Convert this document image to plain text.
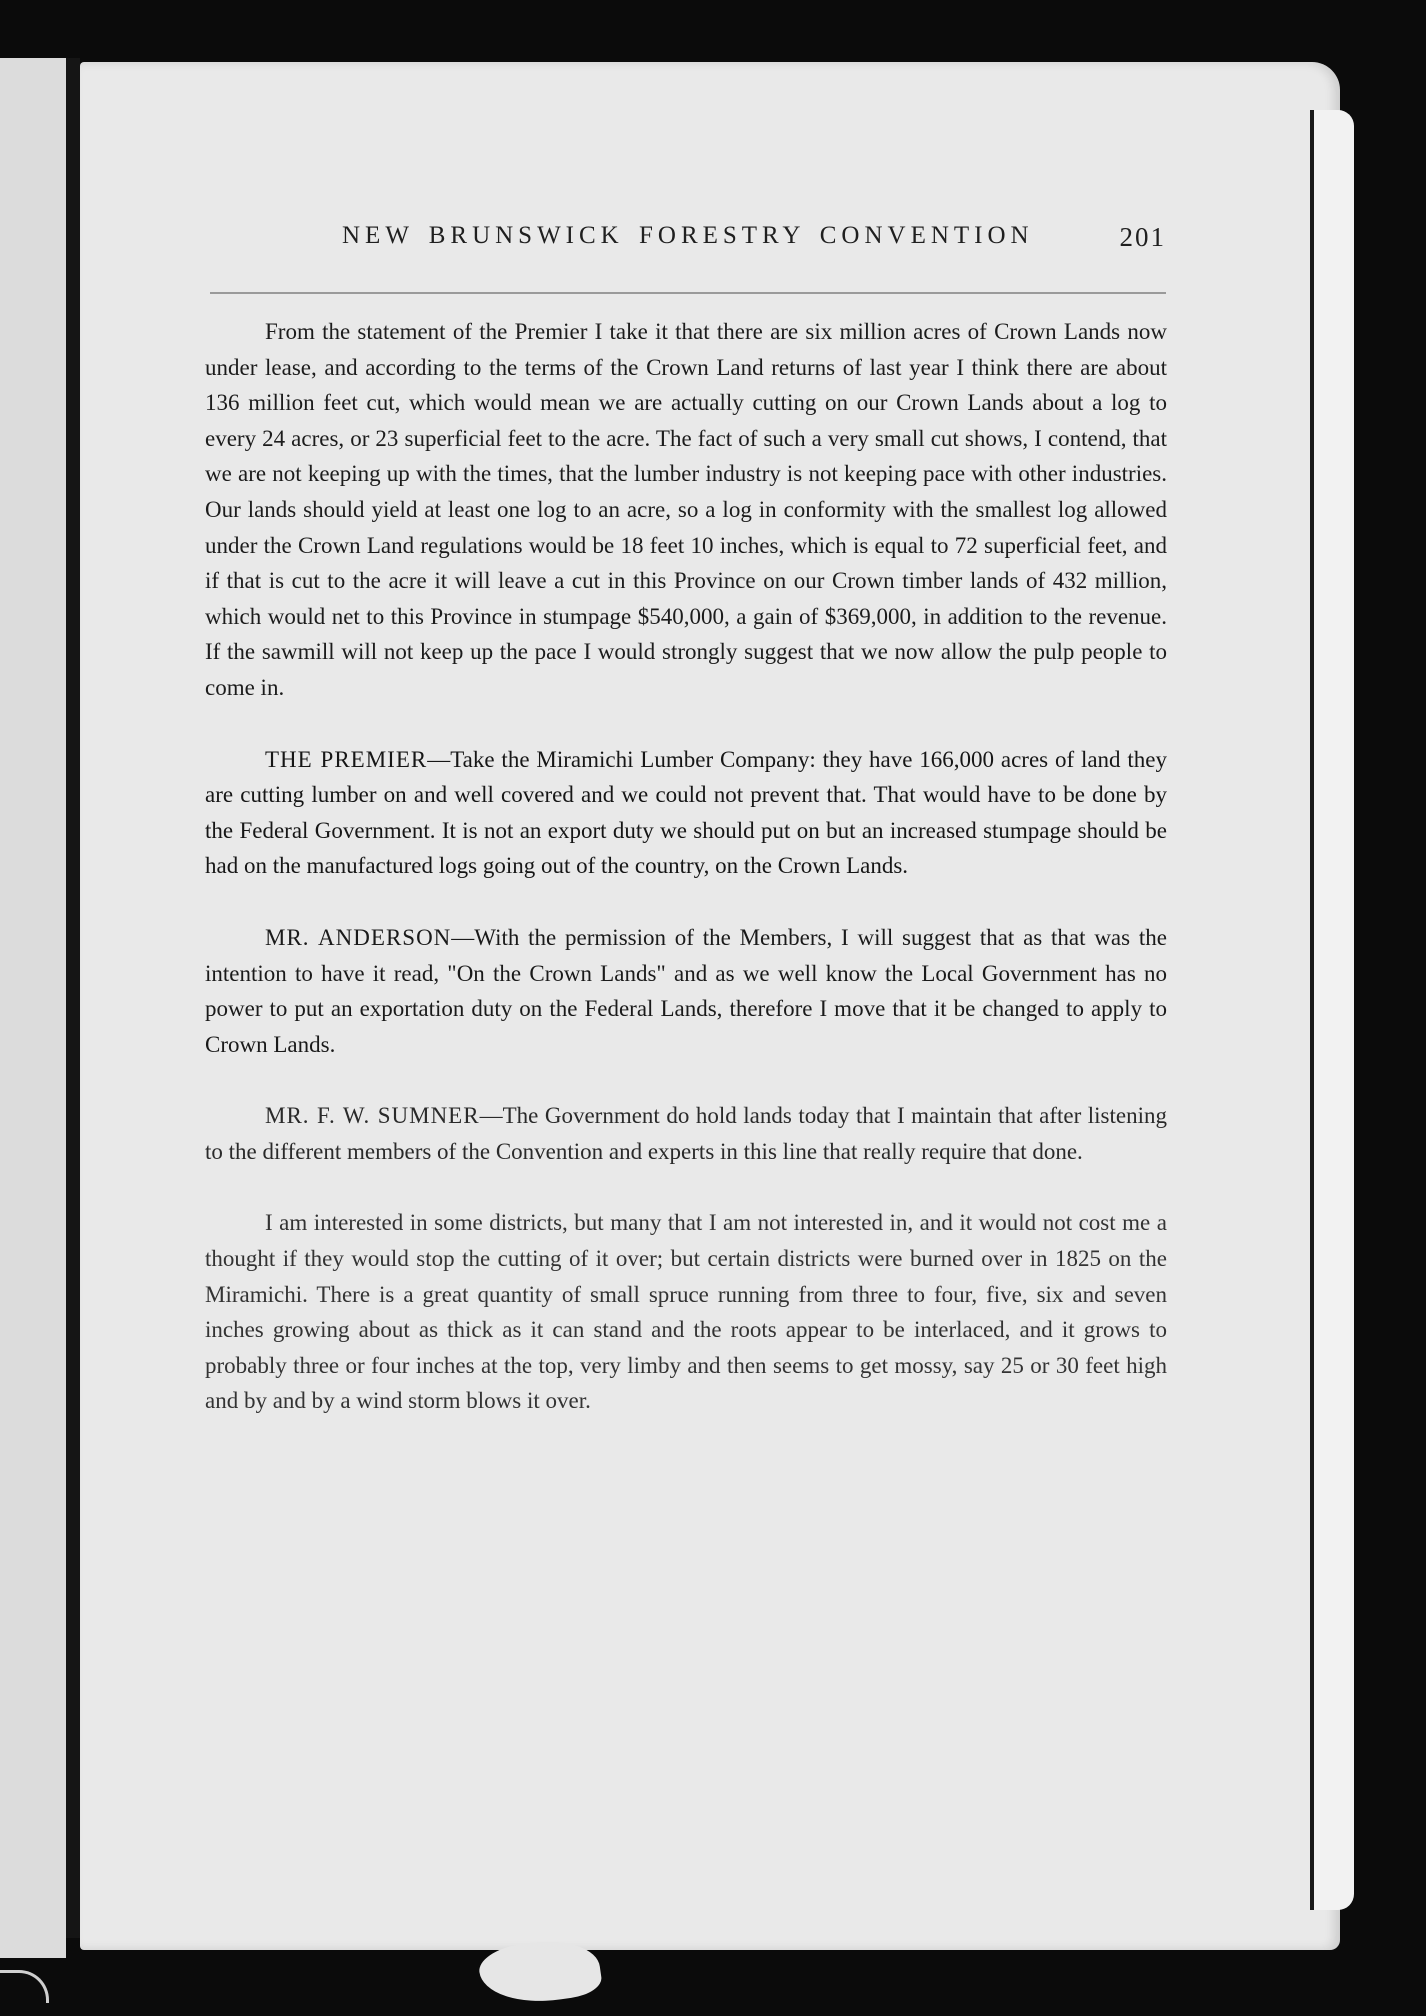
NEW BRUNSWICK FORESTRY CONVENTION	201

From the statement of the Premier I take it that there are six million acres of Crown Lands now under lease, and according to the terms of the Crown Land returns of last year I think there are about 136 million feet cut, which would mean we are actually cutting on our Crown Lands about a log to every 24 acres, or 23 superficial feet to the acre. The fact of such a very small cut shows, I contend, that we are not keeping up with the times, that the lumber industry is not keeping pace with other industries. Our lands should yield at least one log to an acre, so a log in conformity with the smallest log allowed under the Crown Land regulations would be 18 feet 10 inches, which is equal to 72 superficial feet, and if that is cut to the acre it will leave a cut in this Province on our Crown timber lands of 432 million, which would net to this Province in stumpage $540,000, a gain of $369,000, in addition to the revenue. If the sawmill will not keep up the pace I would strongly suggest that we now allow the pulp people to come in.

THE PREMIER—Take the Miramichi Lumber Company: they have 166,000 acres of land they are cutting lumber on and well covered and we could not prevent that. That would have to be done by the Federal Government. It is not an export duty we should put on but an increased stumpage should be had on the manufactured logs going out of the country, on the Crown Lands.

MR. ANDERSON—With the permission of the Members, I will suggest that as that was the intention to have it read, "On the Crown Lands" and as we well know the Local Government has no power to put an exportation duty on the Federal Lands, therefore I move that it be changed to apply to Crown Lands.

MR. F. W. SUMNER—The Government do hold lands today that I maintain that after listening to the different members of the Convention and experts in this line that really require that done.

I am interested in some districts, but many that I am not interested in, and it would not cost me a thought if they would stop the cutting of it over; but certain districts were burned over in 1825 on the Miramichi. There is a great quantity of small spruce running from three to four, five, six and seven inches growing about as thick as it can stand and the roots appear to be interlaced, and it grows to probably three or four inches at the top, very limby and then seems to get mossy, say 25 or 30 feet high and by and by a wind storm blows it over.
